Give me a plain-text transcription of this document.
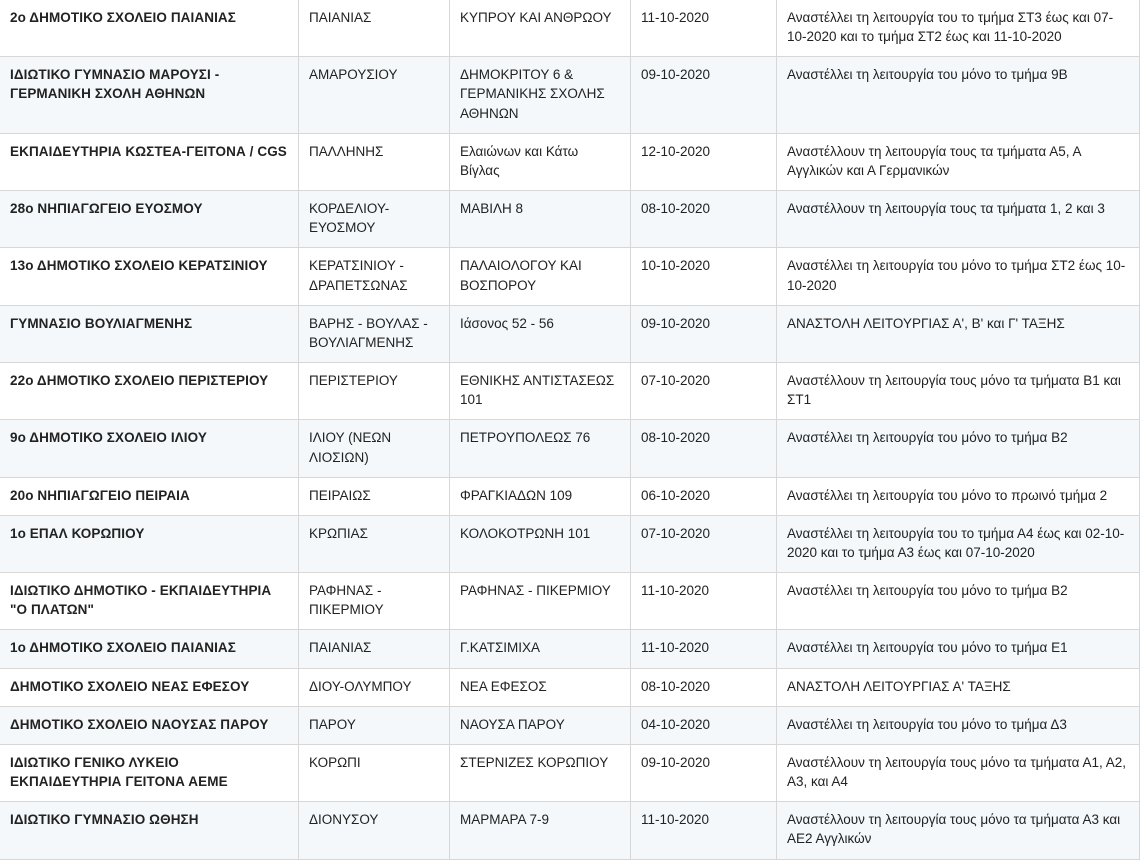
2ο ΔΗΜΟΤΙΚΟ ΣΧΟΛΕΙΟ ΠΑΙΑΝΙΑΣ	ΠΑΙΑΝΙΑΣ	ΚΥΠΡΟΥ ΚΑΙ ΑΝΘΡΩΟΥ	11-10-2020	Αναστέλλει τη λειτουργία του το τμήμα ΣΤ3 έως και 07-10-2020 και το τμήμα ΣΤ2 έως και 11-10-2020
ΙΔΙΩΤΙΚΟ ΓΥΜΝΑΣΙΟ ΜΑΡΟΥΣΙ - ΓΕΡΜΑΝΙΚΗ ΣΧΟΛΗ ΑΘΗΝΩΝ	ΑΜΑΡΟΥΣΙΟΥ	ΔΗΜΟΚΡΙΤΟΥ 6 & ΓΕΡΜΑΝΙΚΗΣ ΣΧΟΛΗΣ ΑΘΗΝΩΝ	09-10-2020	Αναστέλλει τη λειτουργία του μόνο το τμήμα 9Β
ΕΚΠΑΙΔΕΥΤΗΡΙΑ ΚΩΣΤΕΑ-ΓΕΙΤΟΝΑ / CGS	ΠΑΛΛΗΝΗΣ	Ελαιώνων και Κάτω Βίγλας	12-10-2020	Αναστέλλουν τη λειτουργία τους τα τμήματα Α5, Α Αγγλικών και Α Γερμανικών
28ο ΝΗΠΙΑΓΩΓΕΙΟ ΕΥΟΣΜΟΥ	ΚΟΡΔΕΛΙΟΥ-ΕΥΟΣΜΟΥ	ΜΑΒΙΛΗ 8	08-10-2020	Αναστέλλουν τη λειτουργία τους τα τμήματα 1, 2 και 3
13ο ΔΗΜΟΤΙΚΟ ΣΧΟΛΕΙΟ ΚΕΡΑΤΣΙΝΙΟΥ	ΚΕΡΑΤΣΙΝΙΟΥ - ΔΡΑΠΕΤΣΩΝΑΣ	ΠΑΛΑΙΟΛΟΓΟΥ ΚΑΙ ΒΟΣΠΟΡΟΥ	10-10-2020	Αναστέλλει τη λειτουργία του μόνο το τμήμα ΣΤ2 έως 10-10-2020
ΓΥΜΝΑΣΙΟ ΒΟΥΛΙΑΓΜΕΝΗΣ	ΒΑΡΗΣ - ΒΟΥΛΑΣ - ΒΟΥΛΙΑΓΜΕΝΗΣ	Ιάσονος 52 - 56	09-10-2020	ΑΝΑΣΤΟΛΗ ΛΕΙΤΟΥΡΓΙΑΣ Α', Β' και Γ' ΤΑΞΗΣ
22ο ΔΗΜΟΤΙΚΟ ΣΧΟΛΕΙΟ ΠΕΡΙΣΤΕΡΙΟΥ	ΠΕΡΙΣΤΕΡΙΟΥ	ΕΘΝΙΚΗΣ ΑΝΤΙΣΤΑΣΕΩΣ 101	07-10-2020	Αναστέλλουν τη λειτουργία τους μόνο τα τμήματα Β1 και ΣΤ1
9ο ΔΗΜΟΤΙΚΟ ΣΧΟΛΕΙΟ ΙΛΙΟΥ	ΙΛΙΟΥ (ΝΕΩΝ ΛΙΟΣΙΩΝ)	ΠΕΤΡΟΥΠΟΛΕΩΣ 76	08-10-2020	Αναστέλλει τη λειτουργία του μόνο το τμήμα Β2
20ο ΝΗΠΙΑΓΩΓΕΙΟ ΠΕΙΡΑΙΑ	ΠΕΙΡΑΙΩΣ	ΦΡΑΓΚΙΑΔΩΝ 109	06-10-2020	Αναστέλλει τη λειτουργία του μόνο το πρωινό τμήμα 2
1ο ΕΠΑΛ ΚΟΡΩΠΙΟΥ	ΚΡΩΠΙΑΣ	ΚΟΛΟΚΟΤΡΩΝΗ 101	07-10-2020	Αναστέλλει τη λειτουργία του το τμήμα Α4 έως και 02-10-2020 και το τμήμα Α3 έως και 07-10-2020
ΙΔΙΩΤΙΚΟ ΔΗΜΟΤΙΚΟ - ΕΚΠΑΙΔΕΥΤΗΡΙΑ "Ο ΠΛΑΤΩΝ"	ΡΑΦΗΝΑΣ - ΠΙΚΕΡΜΙΟΥ	ΡΑΦΗΝΑΣ - ΠΙΚΕΡΜΙΟΥ	11-10-2020	Αναστέλλει τη λειτουργία του μόνο το τμήμα Β2
1ο ΔΗΜΟΤΙΚΟ ΣΧΟΛΕΙΟ ΠΑΙΑΝΙΑΣ	ΠΑΙΑΝΙΑΣ	Γ.ΚΑΤΣΙΜΙΧΑ	11-10-2020	Αναστέλλει τη λειτουργία του μόνο το τμήμα Ε1
ΔΗΜΟΤΙΚΟ ΣΧΟΛΕΙΟ ΝΕΑΣ ΕΦΕΣΟΥ	ΔΙΟΥ-ΟΛΥΜΠΟΥ	ΝΕΑ ΕΦΕΣΟΣ	08-10-2020	ΑΝΑΣΤΟΛΗ ΛΕΙΤΟΥΡΓΙΑΣ Α' ΤΑΞΗΣ
ΔΗΜΟΤΙΚΟ ΣΧΟΛΕΙΟ ΝΑΟΥΣΑΣ ΠΑΡΟΥ	ΠΑΡΟΥ	ΝΑΟΥΣΑ ΠΑΡΟΥ	04-10-2020	Αναστέλλει τη λειτουργία του μόνο το τμήμα Δ3
ΙΔΙΩΤΙΚΟ ΓΕΝΙΚΟ ΛΥΚΕΙΟ ΕΚΠΑΙΔΕΥΤΗΡΙΑ ΓΕΙΤΟΝΑ ΑΕΜΕ	ΚΟΡΩΠΙ	ΣΤΕΡΝΙΖΕΣ ΚΟΡΩΠΙΟΥ	09-10-2020	Αναστέλλουν τη λειτουργία τους μόνο τα τμήματα Α1, Α2, Α3, και Α4
ΙΔΙΩΤΙΚΟ ΓΥΜΝΑΣΙΟ ΩΘΗΣΗ	ΔΙΟΝΥΣΟΥ	ΜΑΡΜΑΡΑ 7-9	11-10-2020	Αναστέλλουν τη λειτουργία τους μόνο τα τμήματα Α3 και ΑΕ2 Αγγλικών
